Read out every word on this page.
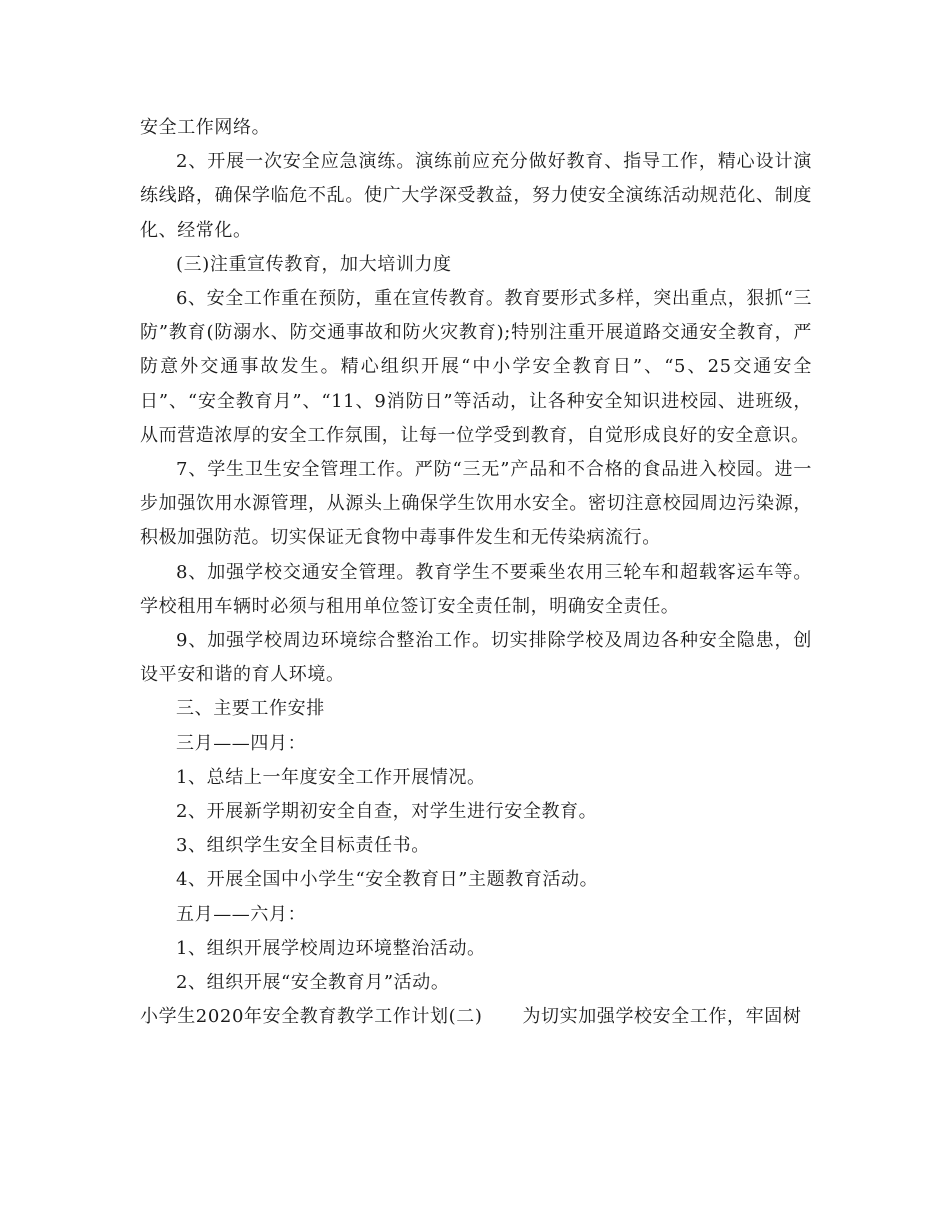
安全工作网络。

2、开展一次安全应急演练。演练前应充分做好教育、指导工作，精心设计演练线路，确保学临危不乱。使广大学深受教益，努力使安全演练活动规范化、制度化、经常化。

(三)注重宣传教育，加大培训力度

6、安全工作重在预防，重在宣传教育。教育要形式多样，突出重点，狠抓“三防”教育(防溺水、防交通事故和防火灾教育);特别注重开展道路交通安全教育，严防意外交通事故发生。精心组织开展“中小学安全教育日”、“5、25交通安全日”、“安全教育月”、“11、9消防日”等活动，让各种安全知识进校园、进班级，从而营造浓厚的安全工作氛围，让每一位学受到教育，自觉形成良好的安全意识。

7、学生卫生安全管理工作。严防“三无”产品和不合格的食品进入校园。进一步加强饮用水源管理，从源头上确保学生饮用水安全。密切注意校园周边污染源，积极加强防范。切实保证无食物中毒事件发生和无传染病流行。

8、加强学校交通安全管理。教育学生不要乘坐农用三轮车和超载客运车等。学校租用车辆时必须与租用单位签订安全责任制，明确安全责任。

9、加强学校周边环境综合整治工作。切实排除学校及周边各种安全隐患，创设平安和谐的育人环境。

三、主要工作安排

三月——四月：

1、总结上一年度安全工作开展情况。

2、开展新学期初安全自查，对学生进行安全教育。

3、组织学生安全目标责任书。

4、开展全国中小学生“安全教育日”主题教育活动。

五月——六月：

1、组织开展学校周边环境整治活动。

2、组织开展“安全教育月”活动。

小学生2020年安全教育教学工作计划(二) 为切实加强学校安全工作，牢固树
